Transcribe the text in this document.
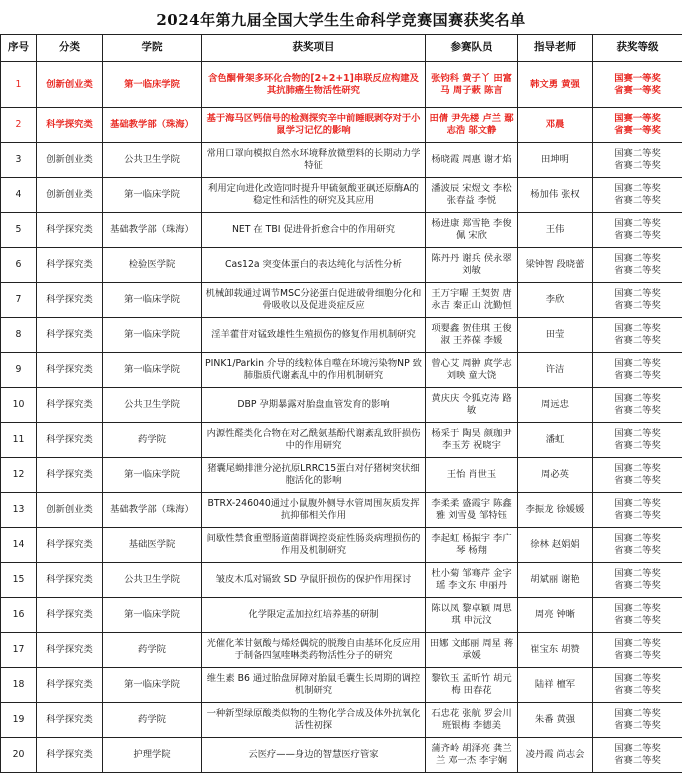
2024年第九届全国大学生生命科学竞赛国赛获奖名单
序号	分类	学院	获奖项目	参赛队员	指导老师	获奖等级
1	创新创业类	第一临床学院	含色酮骨架多环化合物的[2+2+1]串联反应构建及其抗肺癌生物活性研究	张钧科 黄子丫 田富马 周子蔌 陈言	韩文勇 黄强	国赛一等奖
省赛一等奖

2	科学探究类	基础教学部（珠海）	基于海马区钙信号的检测探究辛中前睡眠剥夺对于小鼠学习记忆的影响	田倩 尹先楼 卢兰 鄢志浩 邬文静	邓晨	国赛一等奖
省赛一等奖

3	创新创业类	公共卫生学院	常用口罩向模拟自然水环境释放微塑料的长期动力学特征	杨晓霞 周惠 谢才焰	田坤明	国赛二等奖
省赛二等奖

4	创新创业类	第一临床学院	利用定向进化改造同时提升甲硫氨酸亚砜还原酶A的稳定性和活性的研究及其应用	潘波辰 宋煜文 李松 张春益 李悦	杨加伟 张权	国赛二等奖
省赛二等奖

5	科学探究类	基础教学部（珠海）	NET 在 TBI 促进骨折愈合中的作用研究	杨进康 郑雪艳 李俊佩 宋欣	王伟	国赛二等奖
省赛二等奖

6	科学探究类	检验医学院	Cas12a 突变体蛋白的表达纯化与活性分析	陈丹丹 谢兵 侯永翠 刘敏	梁钟智 段晓蕾	国赛二等奖
省赛二等奖

7	科学探究类	第一临床学院	机械卸载通过调节MSC分泌蛋白促进破骨细胞分化和骨吸收以及促进炎症反应	王万宇曜 王契贺 唐永吉 秦正山 沈勤恒	李欣	国赛二等奖
省赛二等奖

8	科学探究类	第一临床学院	淫羊藿苷对锰致雄性生殖损伤的修复作用机制研究	项婴鑫 贺佳琪 王俊淑 王荞葆 李媛	田莹	国赛二等奖
省赛二等奖

9	科学探究类	第一临床学院	PINK1/Parkin 介导的线粒体自噬在环境污染物NP 致肺脂质代谢紊乱中的作用机制研究	曾心艾 周翀 庹学志 刘映 童大饶	许洁	国赛二等奖
省赛二等奖

10	科学探究类	公共卫生学院	DBP 孕期暴露对胎盘血管发育的影响	黄庆庆 令狐克涛 路敏	周远忠	国赛二等奖
省赛二等奖

11	科学探究类	药学院	内源性醛类化合物在对乙酰氨基酚代谢紊乱致肝损伤中的作用研究	杨采于 陶昊 颜珈尹 李玉芳 祝晓宇	潘虹	国赛二等奖
省赛二等奖

12	科学探究类	第一临床学院	猪囊尾蚴排泄分泌抗原LRRC15蛋白对仔猪树突状细胞活化的影响	王怡 肖世玉	周必英	国赛二等奖
省赛二等奖

13	创新创业类	基础教学部（珠海）	BTRX-246040通过小鼠腹外侧导水管周围灰质发挥抗抑郁相关作用	李柔柔 盛霞宇 陈鑫雅 刘雪曼 邹特钰	李振龙 徐媛媛	国赛二等奖
省赛二等奖

14	科学探究类	基础医学院	间歇性禁食重塑肠道菌群调控炎症性肠炎病理损伤的作用及机制研究	李起虹 杨振宇 李广琴 杨翔	徐林 赵娟娟	国赛二等奖
省赛二等奖

15	科学探究类	公共卫生学院	皱皮木瓜对镉致 SD 孕鼠肝损伤的保护作用探讨	杜小菊 邹骞芹 金字瑶 李文东 申丽丹	胡斌丽 谢艳	国赛二等奖
省赛二等奖

16	科学探究类	第一临床学院	化学限定孟加拉红培养基的研制	陈以凤 黎卓颖 周思琪 申沅汶	周亮 钟晰	国赛二等奖
省赛二等奖

17	科学探究类	药学院	光催化苯甘氨酸与烯烃偶烷的脱羧自由基环化反应用于制备四氢喹啉类药物活性分子的研究	田娜 文邮丽 周星 蒋承媛	崔宝东 胡赞	国赛二等奖
省赛二等奖

18	科学探究类	第一临床学院	维生素 B6 通过胎盘屏障对胎鼠毛囊生长周期的调控机制研究	黎钦玉 孟昕竹 胡元梅 田春花	陆祥 檀军	国赛二等奖
省赛二等奖

19	科学探究类	药学院	一种新型绿原酸类似物的生物化学合成及体外抗氧化活性初探	石忠花 张航 罗会川 班银梅 李德美	朱番 黄强	国赛二等奖
省赛二等奖

20	科学探究类	护理学院	云医疗——身边的智慧医疗管家	蒲齐岭 胡泽亮 龚兰兰 邓一杰 李宇娴	凌丹霞 尚志会	国赛二等奖
省赛二等奖
